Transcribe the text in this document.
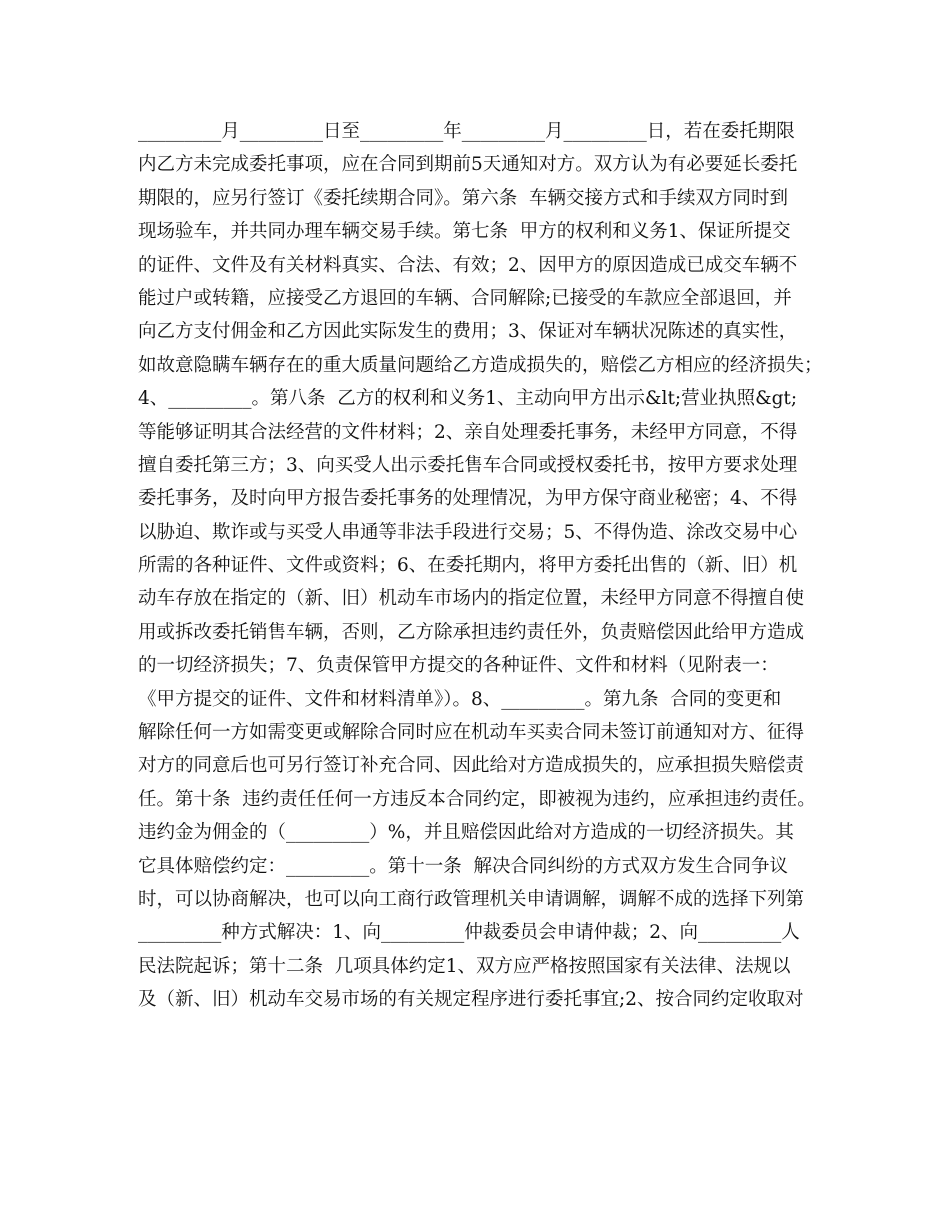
_________月_________日至_________年_________月_________日，若在委托期限
内乙方未完成委托事项，应在合同到期前5天通知对方。双方认为有必要延长委托
期限的，应另行签订《委托续期合同》。第六条  车辆交接方式和手续双方同时到
现场验车，并共同办理车辆交易手续。第七条  甲方的权利和义务1、保证所提交
的证件、文件及有关材料真实、合法、有效；2、因甲方的原因造成已成交车辆不
能过户或转籍，应接受乙方退回的车辆、合同解除;已接受的车款应全部退回，并
向乙方支付佣金和乙方因此实际发生的费用；3、保证对车辆状况陈述的真实性，
如故意隐瞒车辆存在的重大质量问题给乙方造成损失的，赔偿乙方相应的经济损失；
4、_________。第八条  乙方的权利和义务1、主动向甲方出示&lt;营业执照&gt;
等能够证明其合法经营的文件材料；2、亲自处理委托事务，未经甲方同意，不得
擅自委托第三方；3、向买受人出示委托售车合同或授权委托书，按甲方要求处理
委托事务，及时向甲方报告委托事务的处理情况，为甲方保守商业秘密；4、不得
以胁迫、欺诈或与买受人串通等非法手段进行交易；5、不得伪造、涂改交易中心
所需的各种证件、文件或资料；6、在委托期内，将甲方委托出售的（新、旧）机
动车存放在指定的（新、旧）机动车市场内的指定位置，未经甲方同意不得擅自使
用或拆改委托销售车辆，否则，乙方除承担违约责任外，负责赔偿因此给甲方造成
的一切经济损失；7、负责保管甲方提交的各种证件、文件和材料（见附表一：
《甲方提交的证件、文件和材料清单》）。8、_________。第九条  合同的变更和
解除任何一方如需变更或解除合同时应在机动车买卖合同未签订前通知对方、征得
对方的同意后也可另行签订补充合同、因此给对方造成损失的，应承担损失赔偿责
任。第十条  违约责任任何一方违反本合同约定，即被视为违约，应承担违约责任。
违约金为佣金的（_________）%，并且赔偿因此给对方造成的一切经济损失。其
它具体赔偿约定：_________。第十一条  解决合同纠纷的方式双方发生合同争议
时，可以协商解决，也可以向工商行政管理机关申请调解，调解不成的选择下列第
_________种方式解决：1、向_________仲裁委员会申请仲裁；2、向_________人
民法院起诉；第十二条  几项具体约定1、双方应严格按照国家有关法律、法规以
及（新、旧）机动车交易市场的有关规定程序进行委托事宜;2、按合同约定收取对
